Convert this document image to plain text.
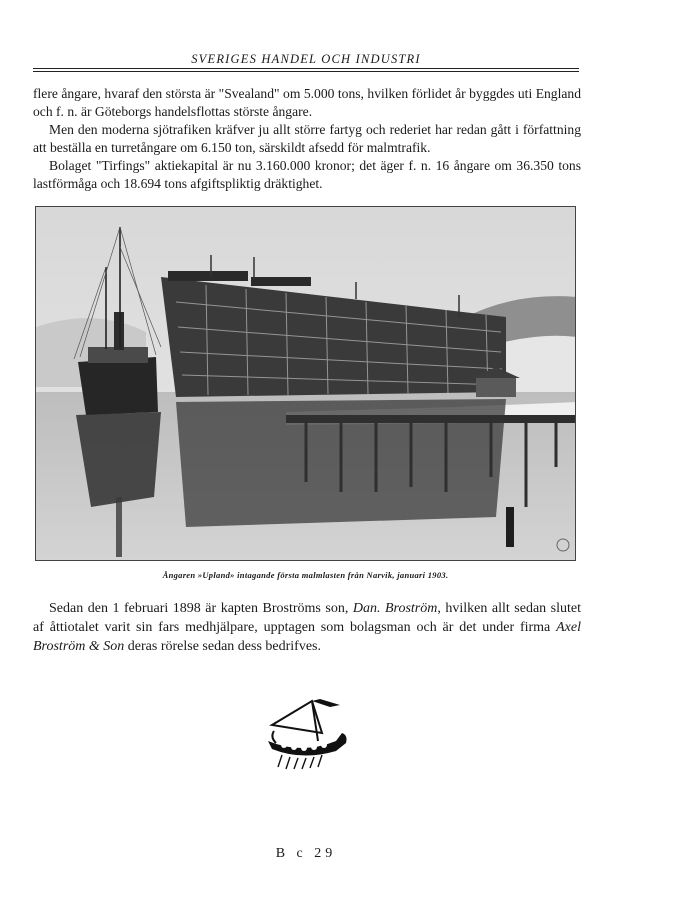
SVERIGES HANDEL OCH INDUSTRI

flere ångare, hvaraf den största är "Svealand" om 5.000 tons, hvilken förlidet år byggdes uti England och f. n. är Göteborgs handelsflottas störste ångare.

Men den moderna sjötrafiken kräfver ju allt större fartyg och rederiet har redan gått i författning att beställa en turretångare om 6.150 ton, särskildt afsedd för malmtrafik.

Bolaget "Tirfings" aktiekapital är nu 3.160.000 kronor; det äger f. n. 16 ångare om 36.350 tons lastförmåga och 18.694 tons afgiftspliktig dräktighet.

Ångaren »Upland» intagande första malmlasten från Narvik, januari 1903.

Sedan den 1 februari 1898 är kapten Broströms son, Dan. Broström, hvilken allt sedan slutet af åttiotalet varit sin fars medhjälpare, upptagen som bolagsman och är det under firma Axel Broström & Son deras rörelse sedan dess bedrifves.

B c 29
